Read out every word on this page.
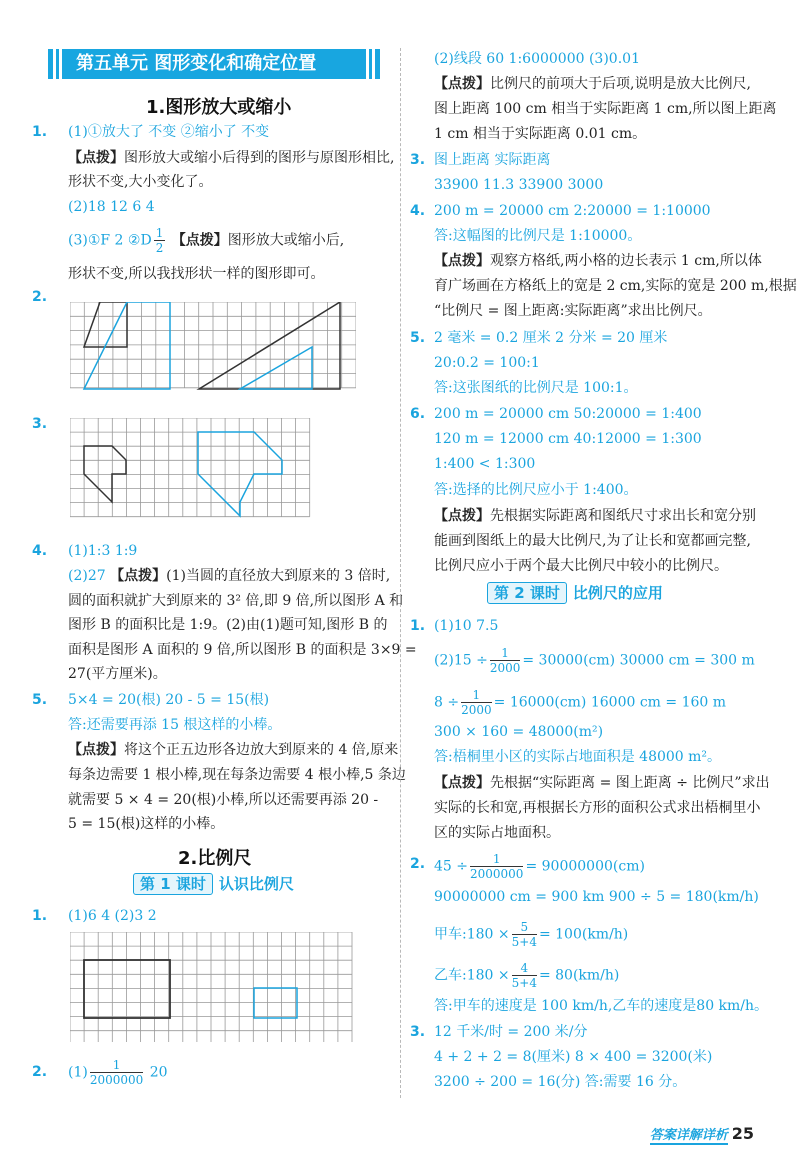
第五单元 图形变化和确定位置
1.图形放大或缩小
1. (1)①放大了 不变 ②缩小了 不变
【点拨】图形放大或缩小后得到的图形与原图形相比,
形状不变,大小变化了。
(2)18 12 6 4
(3)①F 2 ②D $\frac{1}{2}$ 【点拨】图形放大或缩小后,
形状不变,所以我找形状一样的图形即可。
2.
3.
4. (1)1:3 1:9
(2)27 【点拨】(1)当圆的直径放大到原来的 3 倍时,
圆的面积就扩大到原来的 3² 倍,即 9 倍,所以图形 A 和
图形 B 的面积比是 1:9。(2)由(1)题可知,图形 B 的
面积是图形 A 面积的 9 倍,所以图形 B 的面积是 3×9 =
27(平方厘米)。
5. 5×4 = 20(根) 20 - 5 = 15(根)
答:还需要再添 15 根这样的小棒。
【点拨】将这个正五边形各边放大到原来的 4 倍,原来
每条边需要 1 根小棒,现在每条边需要 4 根小棒,5 条边
就需要 5 × 4 = 20(根)小棒,所以还需要再添 20 -
5 = 15(根)这样的小棒。
2.比例尺
第 1 课时 认识比例尺
1. (1)6 4 (2)3 2
2. $(1) \frac{1}{2000000} 20$
(2)线段 60 1:6000000 (3)0.01
【点拨】比例尺的前项大于后项,说明是放大比例尺,
图上距离 100 cm 相当于实际距离 1 cm,所以图上距离
1 cm 相当于实际距离 0.01 cm。
3. 图上距离 实际距离
33900 11.3 33900 3000
4. 200 m = 20000 cm 2:20000 = 1:10000
答:这幅图的比例尺是 1:10000。
【点拨】观察方格纸,两小格的边长表示 1 cm,所以体
育广场画在方格纸上的宽是 2 cm,实际的宽是 200 m,根据
“比例尺 = 图上距离:实际距离”求出比例尺。
5. 2 毫米 = 0.2 厘米 2 分米 = 20 厘米
20:0.2 = 100:1
答:这张图纸的比例尺是 100:1。
6. 200 m = 20000 cm 50:20000 = 1:400
120 m = 12000 cm 40:12000 = 1:300
1:400 < 1:300
答:选择的比例尺应小于 1:400。
【点拨】先根据实际距离和图纸尺寸求出长和宽分别
能画到图纸上的最大比例尺,为了让长和宽都画完整,
比例尺应小于两个最大比例尺中较小的比例尺。
第 2 课时 比例尺的应用
1. (1)10 7.5
$(2)15 \div \frac{1}{2000} = 30000(cm)$ 30000 cm = 300 m
$8 \div \frac{1}{2000} = 16000(cm)$ 16000 cm = 160 m
300 × 160 = 48000(m²)
答:梧桐里小区的实际占地面积是 48000 m²。
【点拨】先根据“实际距离 = 图上距离 ÷ 比例尺”求出
实际的长和宽,再根据长方形的面积公式求出梧桐里小
区的实际占地面积。
2. $45 \div \frac{1}{2000000} = 90000000(cm)$
90000000 cm = 900 km 900 ÷ 5 = 180(km/h)
甲车:180 × $\frac{5}{5+4} = 100(km/h)$
乙车:180 × $\frac{4}{5+4} = 80(km/h)$
答:甲车的速度是 100 km/h,乙车的速度是80 km/h。
3. 12 千米/时 = 200 米/分
4 + 2 + 2 = 8(厘米) 8 × 400 = 3200(米)
3200 ÷ 200 = 16(分) 答:需要 16 分。
答案详解详析 25
